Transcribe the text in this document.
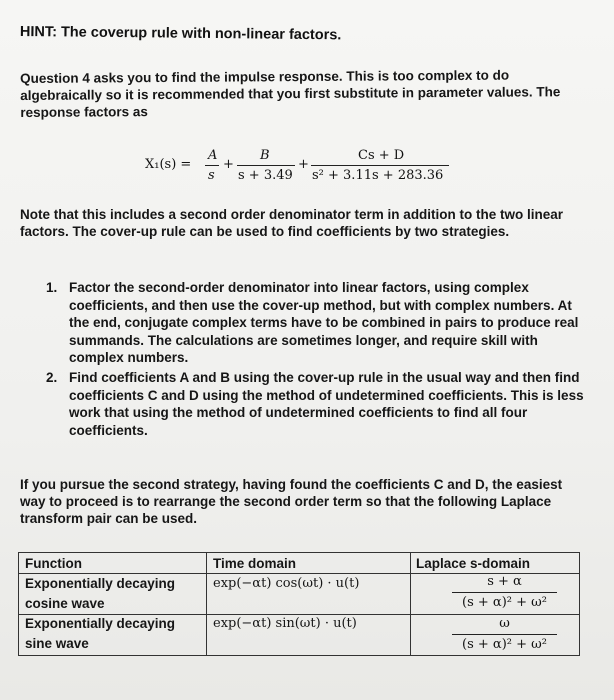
HINT: The coverup rule with non-linear factors.
Question 4 asks you to find the impulse response. This is too complex to do algebraically so it is recommended that you first substitute in parameter values. The response factors as
X₁(s) =
A
s
+
B
s + 3.49
+
Cs + D
s² + 3.11s + 283.36
Note that this includes a second order denominator term in addition to the two linear factors. The cover-up rule can be used to find coefficients by two strategies.
1. Factor the second-order denominator into linear factors, using complex coefficients, and then use the cover-up method, but with complex numbers. At the end, conjugate complex terms have to be combined in pairs to produce real summands. The calculations are sometimes longer, and require skill with complex numbers.
2. Find coefficients A and B using the cover-up rule in the usual way and then find coefficients C and D using the method of undetermined coefficients. This is less work that using the method of undetermined coefficients to find all four coefficients.
If you pursue the second strategy, having found the coefficients C and D, the easiest way to proceed is to rearrange the second order term so that the following Laplace transform pair can be used.
Function
Exponentially decaying
cosine wave
Exponentially decaying
sine wave
Time domain
exp(−αt) cos(ωt) · u(t)
exp(−αt) sin(ωt) · u(t)
Laplace s-domain
s + α
(s + α)² + ω²
ω
(s + α)² + ω²
